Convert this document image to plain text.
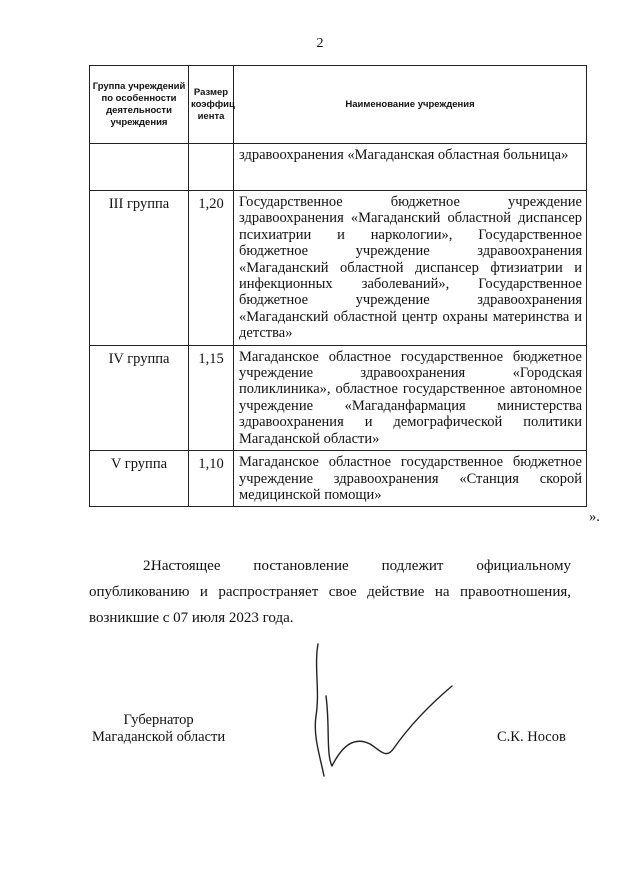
2
Группа учреждений по особенности деятельности учреждения	Размер коэффиц иента	Наименование учреждения
		здравоохранения «Магаданская областная больница»
III группа	1,20	Государственное бюджетное учреждение здравоохранения «Магаданский областной диспансер психиатрии и наркологии», Государственное бюджетное учреждение здравоохранения «Магаданский областной диспансер фтизиатрии и инфекционных заболеваний», Государственное бюджетное учреждение здравоохранения «Магаданский областной центр охраны материнства и детства»
IV группа	1,15	Магаданское областное государственное бюджетное учреждение здравоохранения «Городская поликлиника», областное государственное автономное учреждение «Магаданфармация министерства здравоохранения и демографической политики Магаданской области»
V группа	1,10	Магаданское областное государственное бюджетное учреждение здравоохранения «Станция скорой медицинской помощи»
».
2.Настоящее постановление подлежит официальному опубликованию и распространяет свое действие на правоотношения, возникшие с 07 июля 2023 года.
Губернатор
Магаданской области	С.К. Носов
